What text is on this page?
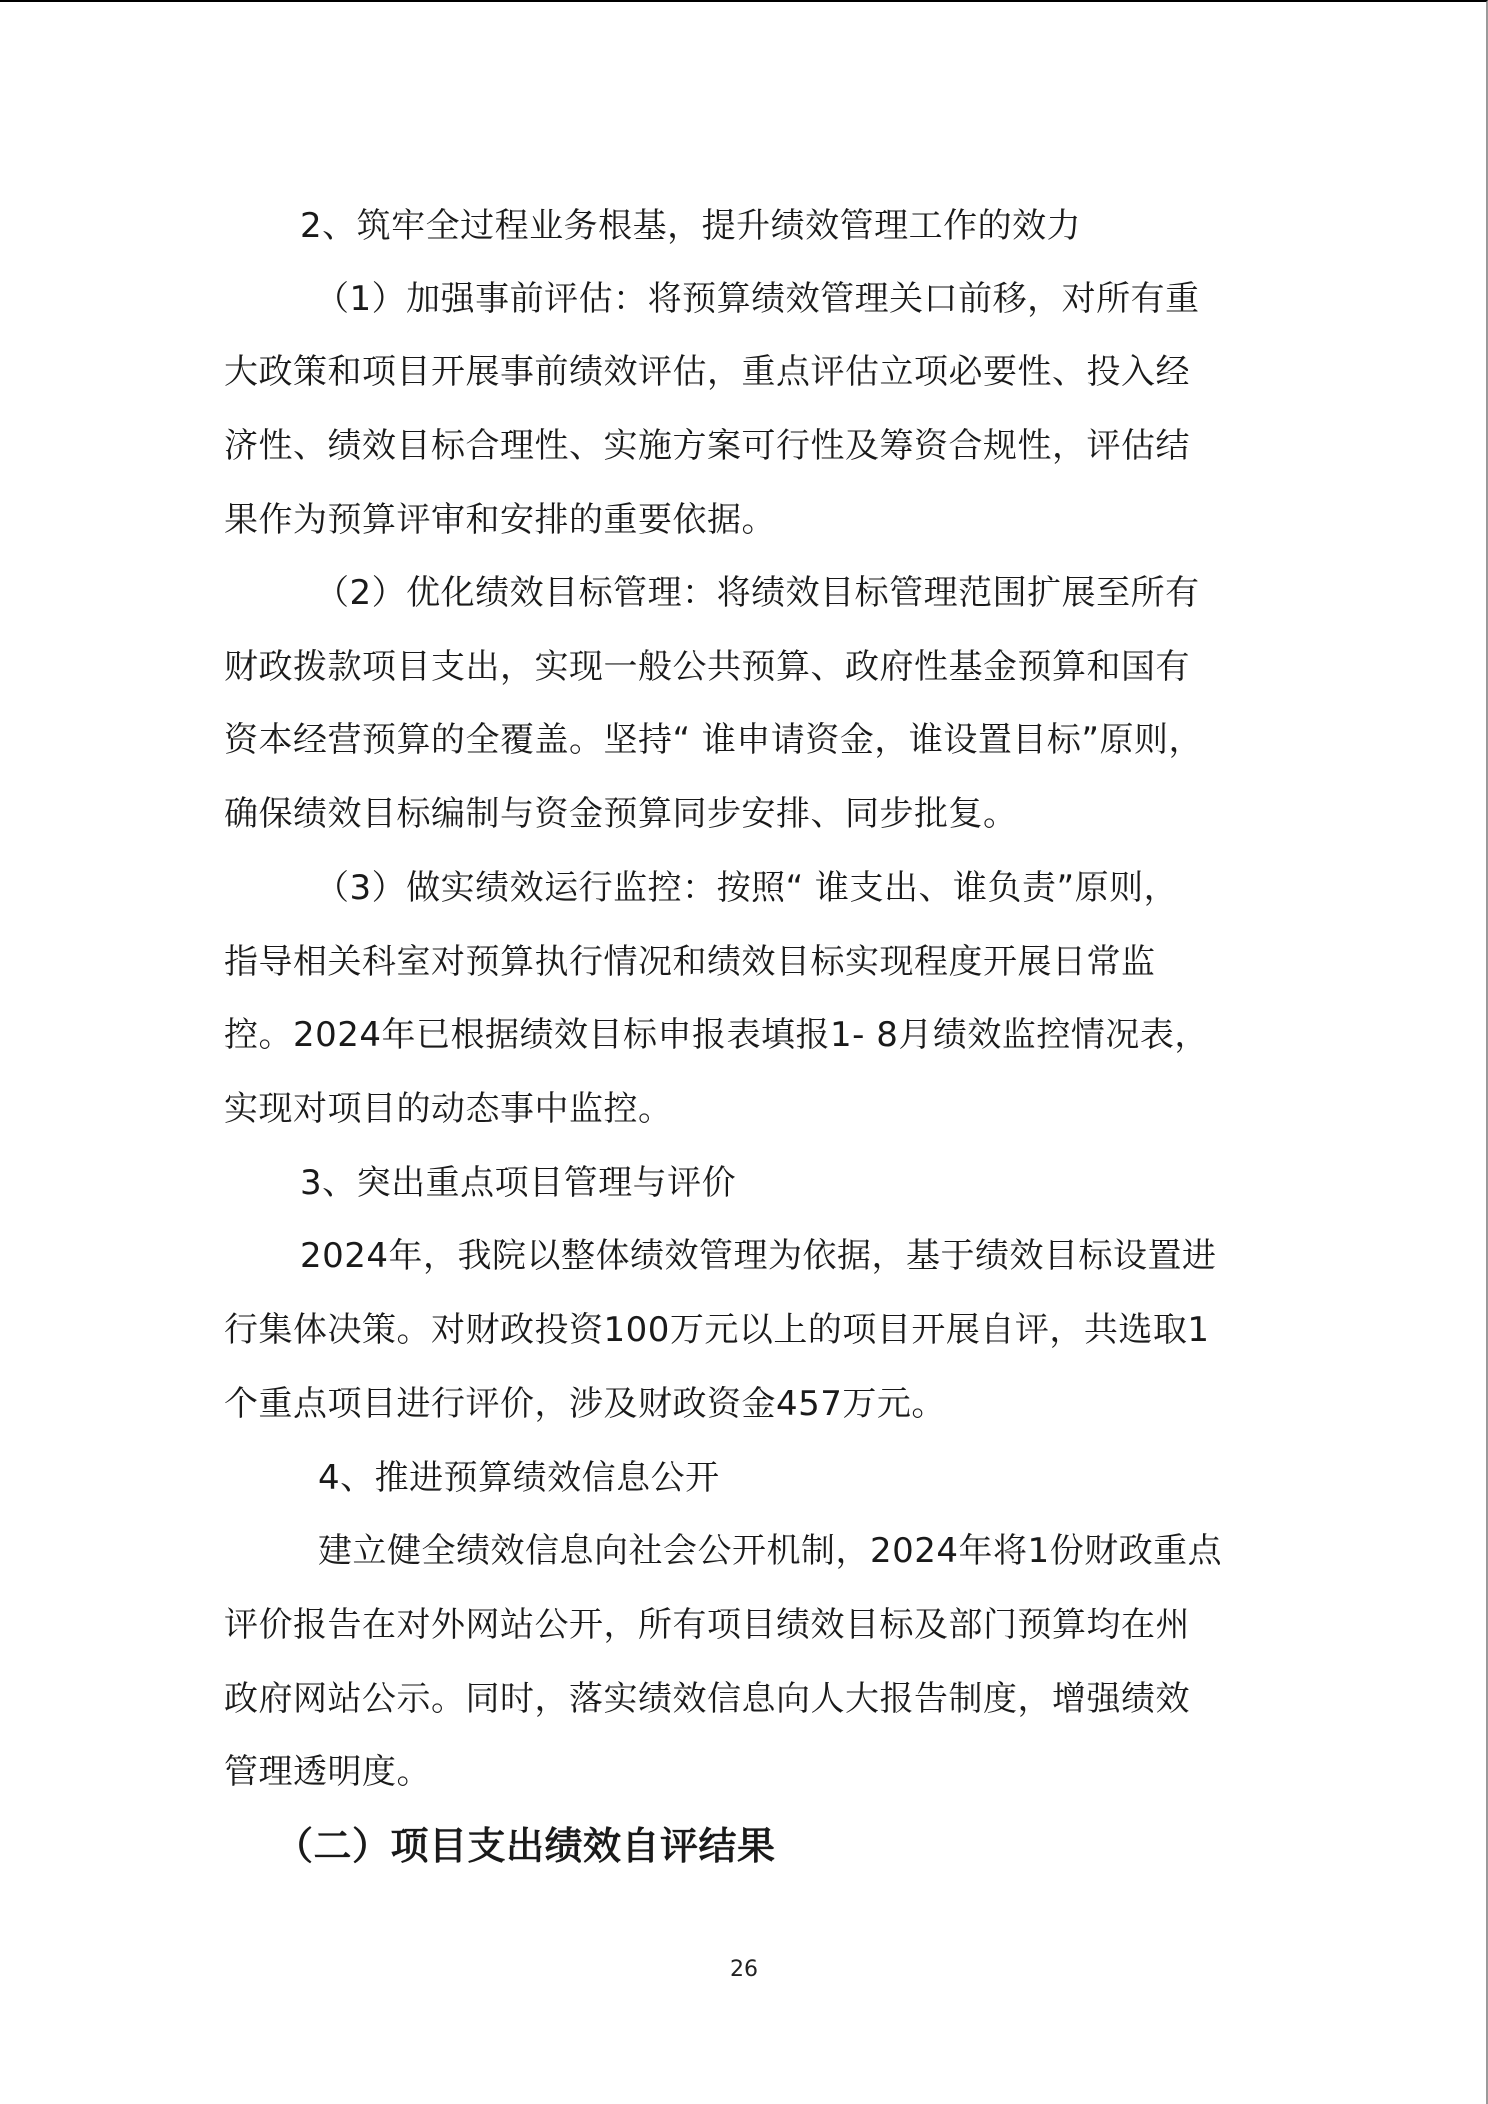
2、筑牢全过程业务根基，提升绩效管理工作的效力
（1）加强事前评估：将预算绩效管理关口前移，对所有重
大政策和项目开展事前绩效评估，重点评估立项必要性、投入经
济性、绩效目标合理性、实施方案可行性及筹资合规性，评估结
果作为预算评审和安排的重要依据。
（2）优化绩效目标管理：将绩效目标管理范围扩展至所有
财政拨款项目支出，实现一般公共预算、政府性基金预算和国有
资本经营预算的全覆盖。坚持“ 谁申请资金，谁设置目标”原则，
确保绩效目标编制与资金预算同步安排、同步批复。
（3）做实绩效运行监控：按照“ 谁支出、谁负责”原则，
指导相关科室对预算执行情况和绩效目标实现程度开展日常监
控。2024年已根据绩效目标申报表填报1- 8月绩效监控情况表，
实现对项目的动态事中监控。
3、突出重点项目管理与评价
2024年，我院以整体绩效管理为依据，基于绩效目标设置进
行集体决策。对财政投资100万元以上的项目开展自评，共选取1
个重点项目进行评价，涉及财政资金457万元。
4、推进预算绩效信息公开
建立健全绩效信息向社会公开机制，2024年将1份财政重点
评价报告在对外网站公开，所有项目绩效目标及部门预算均在州
政府网站公示。同时，落实绩效信息向人大报告制度，增强绩效
管理透明度。
（二）项目支出绩效自评结果
26
